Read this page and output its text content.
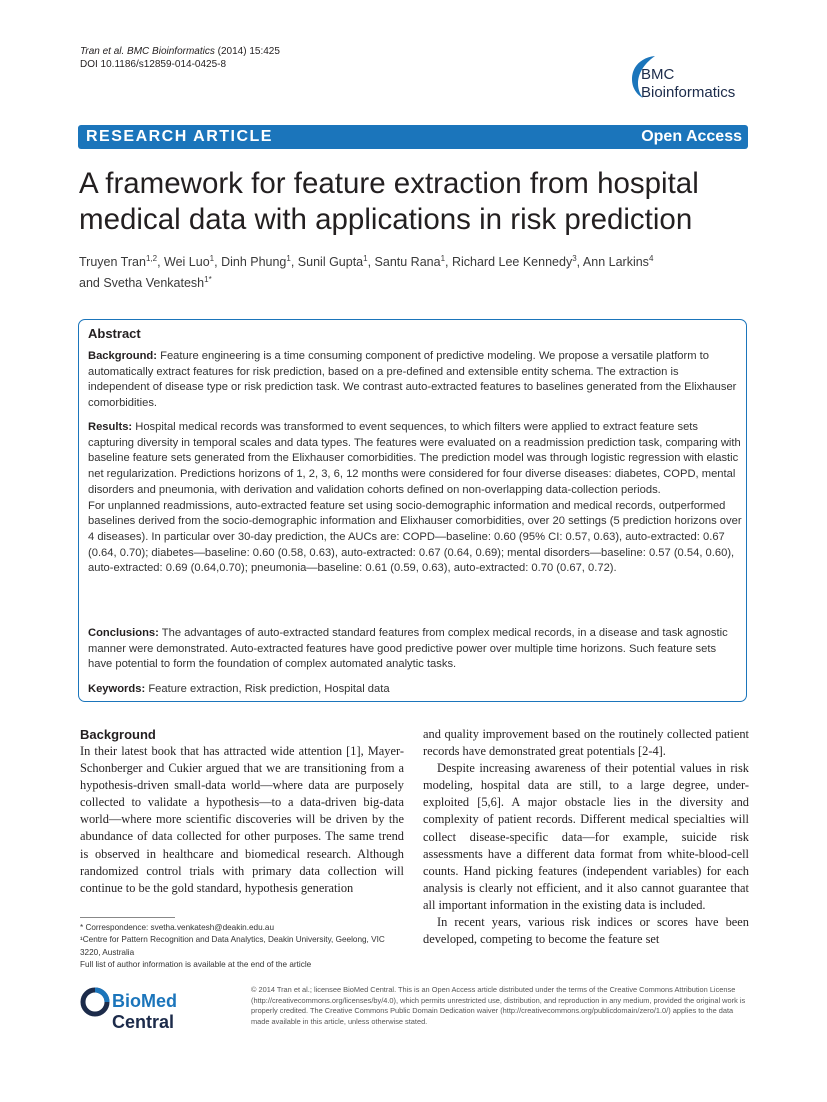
Tran et al. BMC Bioinformatics (2014) 15:425
DOI 10.1186/s12859-014-0425-8
BMC
Bioinformatics
RESEARCH ARTICLE	Open Access
A framework for feature extraction from hospital medical data with applications in risk prediction
Truyen Tran$^{1,2}$, Wei Luo$^1$, Dinh Phung$^1$, Sunil Gupta$^1$, Santu Rana$^1$, Richard Lee Kennedy$^3$, Ann Larkins$^4$
and Svetha Venkatesh$^{1*}$
Abstract
Background: Feature engineering is a time consuming component of predictive modeling. We propose a versatile platform to automatically extract features for risk prediction, based on a pre-defined and extensible entity schema. The extraction is independent of disease type or risk prediction task. We contrast auto-extracted features to baselines generated from the Elixhauser comorbidities.
Results: Hospital medical records was transformed to event sequences, to which filters were applied to extract feature sets capturing diversity in temporal scales and data types. The features were evaluated on a readmission prediction task, comparing with baseline feature sets generated from the Elixhauser comorbidities. The prediction model was through logistic regression with elastic net regularization. Predictions horizons of 1, 2, 3, 6, 12 months were considered for four diverse diseases: diabetes, COPD, mental disorders and pneumonia, with derivation and validation cohorts defined on non-overlapping data-collection periods.
For unplanned readmissions, auto-extracted feature set using socio-demographic information and medical records, outperformed baselines derived from the socio-demographic information and Elixhauser comorbidities, over 20 settings (5 prediction horizons over 4 diseases). In particular over 30-day prediction, the AUCs are: COPD—baseline: 0.60 (95% CI: 0.57, 0.63), auto-extracted: 0.67 (0.64, 0.70); diabetes—baseline: 0.60 (0.58, 0.63), auto-extracted: 0.67 (0.64, 0.69); mental disorders—baseline: 0.57 (0.54, 0.60), auto-extracted: 0.69 (0.64,0.70); pneumonia—baseline: 0.61 (0.59, 0.63), auto-extracted: 0.70 (0.67, 0.72).
Conclusions: The advantages of auto-extracted standard features from complex medical records, in a disease and task agnostic manner were demonstrated. Auto-extracted features have good predictive power over multiple time horizons. Such feature sets have potential to form the foundation of complex automated analytic tasks.
Keywords: Feature extraction, Risk prediction, Hospital data
Background

In their latest book that has attracted wide attention [1], Mayer-Schonberger and Cukier argued that we are transitioning from a hypothesis-driven small-data world—where data are purposely collected to validate a hypothesis—to a data-driven big-data world—where more scientific discoveries will be driven by the abundance of data collected for other purposes. The same trend is observed in healthcare and biomedical research. Although randomized control trials with primary data collection will continue to be the gold standard, hypothesis generation

and quality improvement based on the routinely collected patient records have demonstrated great potentials [2-4].

Despite increasing awareness of their potential values in risk modeling, hospital data are still, to a large degree, under-exploited [5,6]. A major obstacle lies in the diversity and complexity of patient records. Different medical specialties will collect disease-specific data—for example, suicide risk assessments have a different data format from white-blood-cell counts. Hand picking features (independent variables) for each analysis is clearly not efficient, and it also cannot guarantee that all important information in the existing data is included.

In recent years, various risk indices or scores have been developed, competing to become the feature set

* Correspondence: svetha.venkatesh@deakin.edu.au
¹Centre for Pattern Recognition and Data Analytics, Deakin University, Geelong, VIC 3220, Australia
Full list of author information is available at the end of the article
BioMed Central
© 2014 Tran et al.; licensee BioMed Central. This is an Open Access article distributed under the terms of the Creative Commons Attribution License (http://creativecommons.org/licenses/by/4.0), which permits unrestricted use, distribution, and reproduction in any medium, provided the original work is properly credited. The Creative Commons Public Domain Dedication waiver (http://creativecommons.org/publicdomain/zero/1.0/) applies to the data made available in this article, unless otherwise stated.
